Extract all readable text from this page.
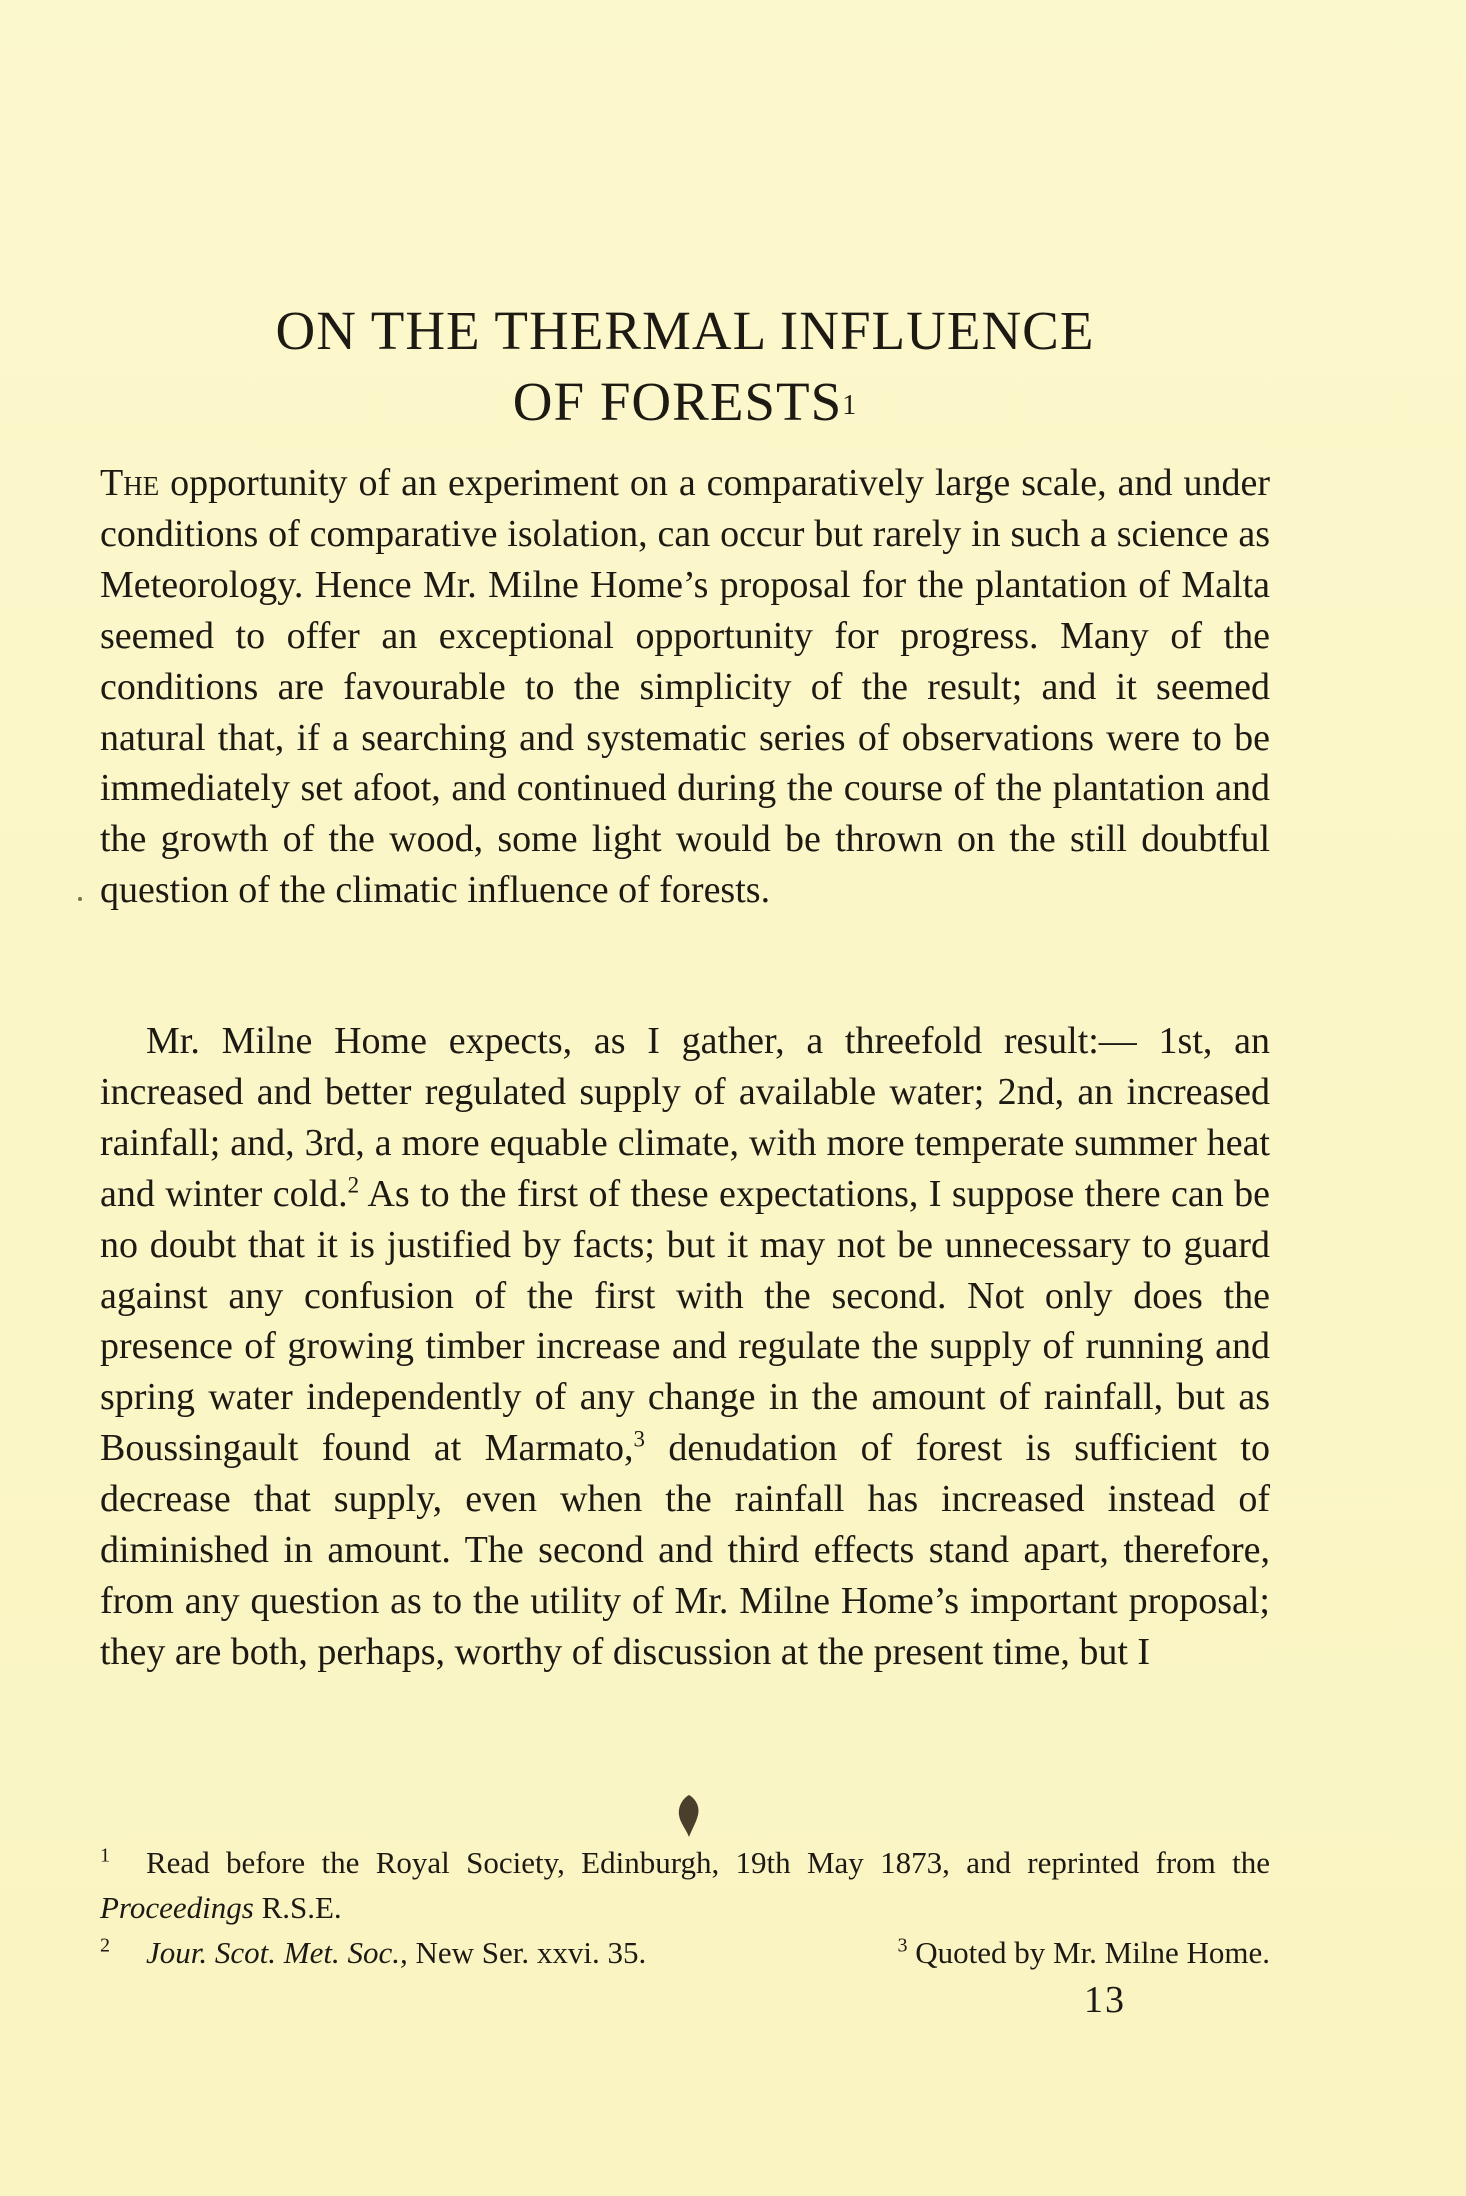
ON THE THERMAL INFLUENCE
OF FORESTS$^1$

The opportunity of an experiment on a comparatively large scale, and under conditions of comparative isolation, can occur but rarely in such a science as Meteorology. Hence Mr. Milne Home’s proposal for the plantation of Malta seemed to offer an exceptional opportunity for progress. Many of the conditions are favourable to the simplicity of the result; and it seemed natural that, if a searching and systematic series of observations were to be immediately set afoot, and continued during the course of the plantation and the growth of the wood, some light would be thrown on the still doubtful question of the climatic influence of forests.

Mr. Milne Home expects, as I gather, a threefold result:— 1st, an increased and better regulated supply of available water; 2nd, an increased rainfall; and, 3rd, a more equable climate, with more temperate summer heat and winter cold.$^2$ As to the first of these expectations, I suppose there can be no doubt that it is justified by facts; but it may not be unnecessary to guard against any confusion of the first with the second. Not only does the presence of growing timber increase and regulate the supply of running and spring water independently of any change in the amount of rainfall, but as Boussingault found at Marmato,$^3$ denudation of forest is sufficient to decrease that supply, even when the rainfall has increased instead of diminished in amount. The second and third effects stand apart, therefore, from any question as to the utility of Mr. Milne Home’s important proposal; they are both, perhaps, worthy of discussion at the present time, but I

$^1$ Read before the Royal Society, Edinburgh, 19th May 1873, and reprinted from the Proceedings R.S.E.

$^2$ Jour. Scot. Met. Soc., New Ser. xxvi. 35.	$^3$ Quoted by Mr. Milne Home.

13
